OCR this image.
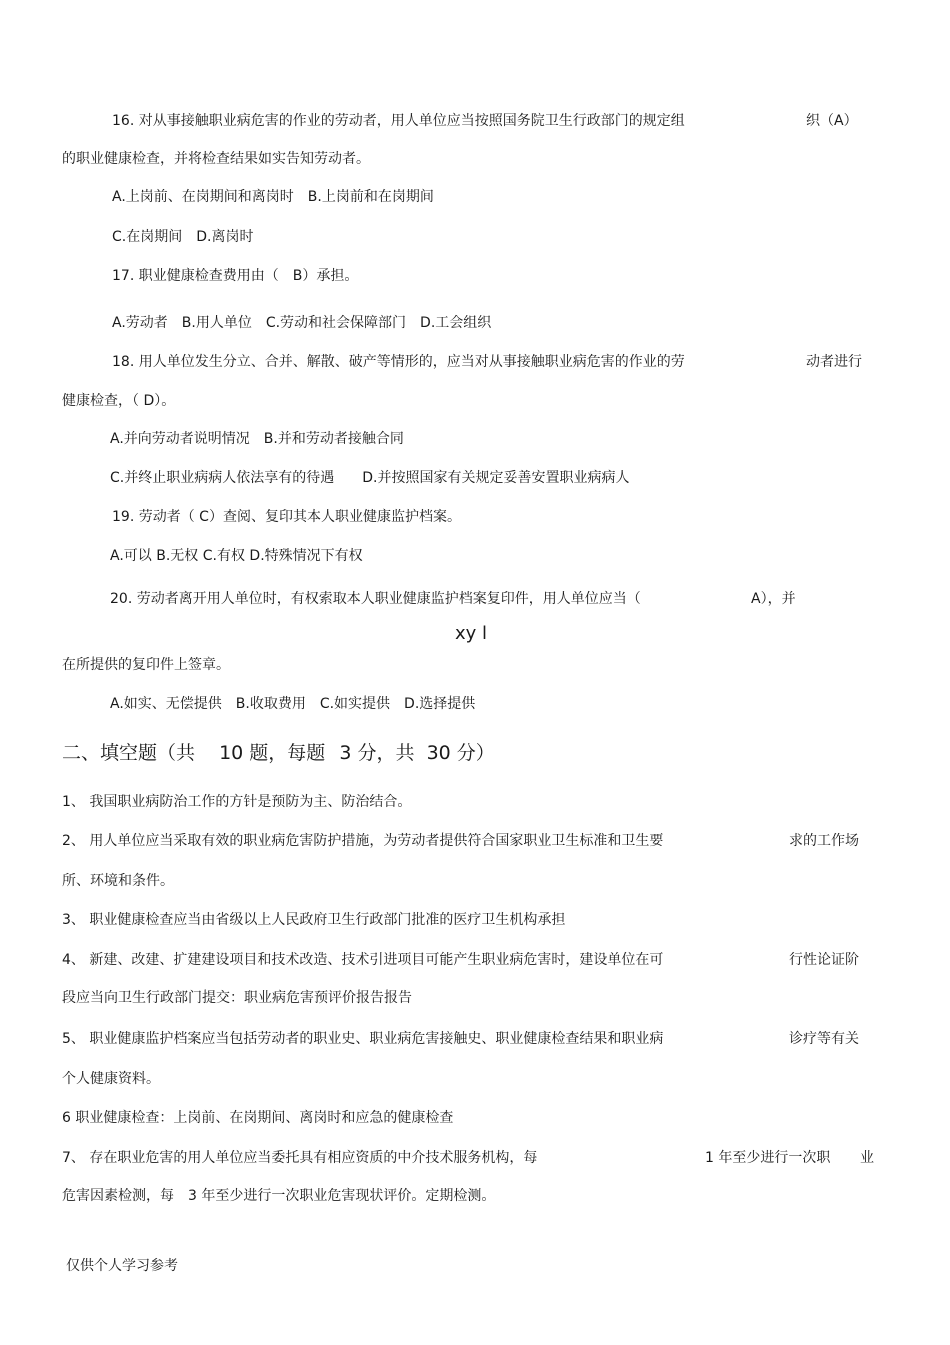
16. 对从事接触职业病危害的作业的劳动者，用人单位应当按照国务院卫生行政部门的规定组	织（A）
的职业健康检查，并将检查结果如实告知劳动者。
A.上岗前、在岗期间和离岗时　B.上岗前和在岗期间
C.在岗期间　D.离岗时
17. 职业健康检查费用由（　B）承担。
A.劳动者　B.用人单位　C.劳动和社会保障部门　D.工会组织
18. 用人单位发生分立、合并、解散、破产等情形的，应当对从事接触职业病危害的作业的劳	动者进行
健康检查，（ D）。
A.并向劳动者说明情况　B.并和劳动者接触合同
C.并终止职业病病人依法享有的待遇　　D.并按照国家有关规定妥善安置职业病病人
19. 劳动者（ C）查阅、复印其本人职业健康监护档案。
A.可以 B.无权 C.有权 D.特殊情况下有权
20. 劳动者离开用人单位时，有权索取本人职业健康监护档案复印件，用人单位应当（	A），并
xy l
在所提供的复印件上签章。
A.如实、无偿提供　B.收取费用　C.如实提供　D.选择提供
二、填空题（共 10 题，每题 3 分，共 30 分）
1、 我国职业病防治工作的方针是预防为主、防治结合。
2、 用人单位应当采取有效的职业病危害防护措施，为劳动者提供符合国家职业卫生标准和卫生要	求的工作场
所、环境和条件。
3、 职业健康检查应当由省级以上人民政府卫生行政部门批准的医疗卫生机构承担
4、 新建、改建、扩建建设项目和技术改造、技术引进项目可能产生职业病危害时，建设单位在可	行性论证阶
段应当向卫生行政部门提交：职业病危害预评价报告报告
5、 职业健康监护档案应当包括劳动者的职业史、职业病危害接触史、职业健康检查结果和职业病	诊疗等有关
个人健康资料。
6 职业健康检查：上岗前、在岗期间、离岗时和应急的健康检查
7、 存在职业危害的用人单位应当委托具有相应资质的中介技术服务机构，每	1 年至少进行一次职 业
危害因素检测，每　3 年至少进行一次职业危害现状评价。定期检测。
仅供个人学习参考
